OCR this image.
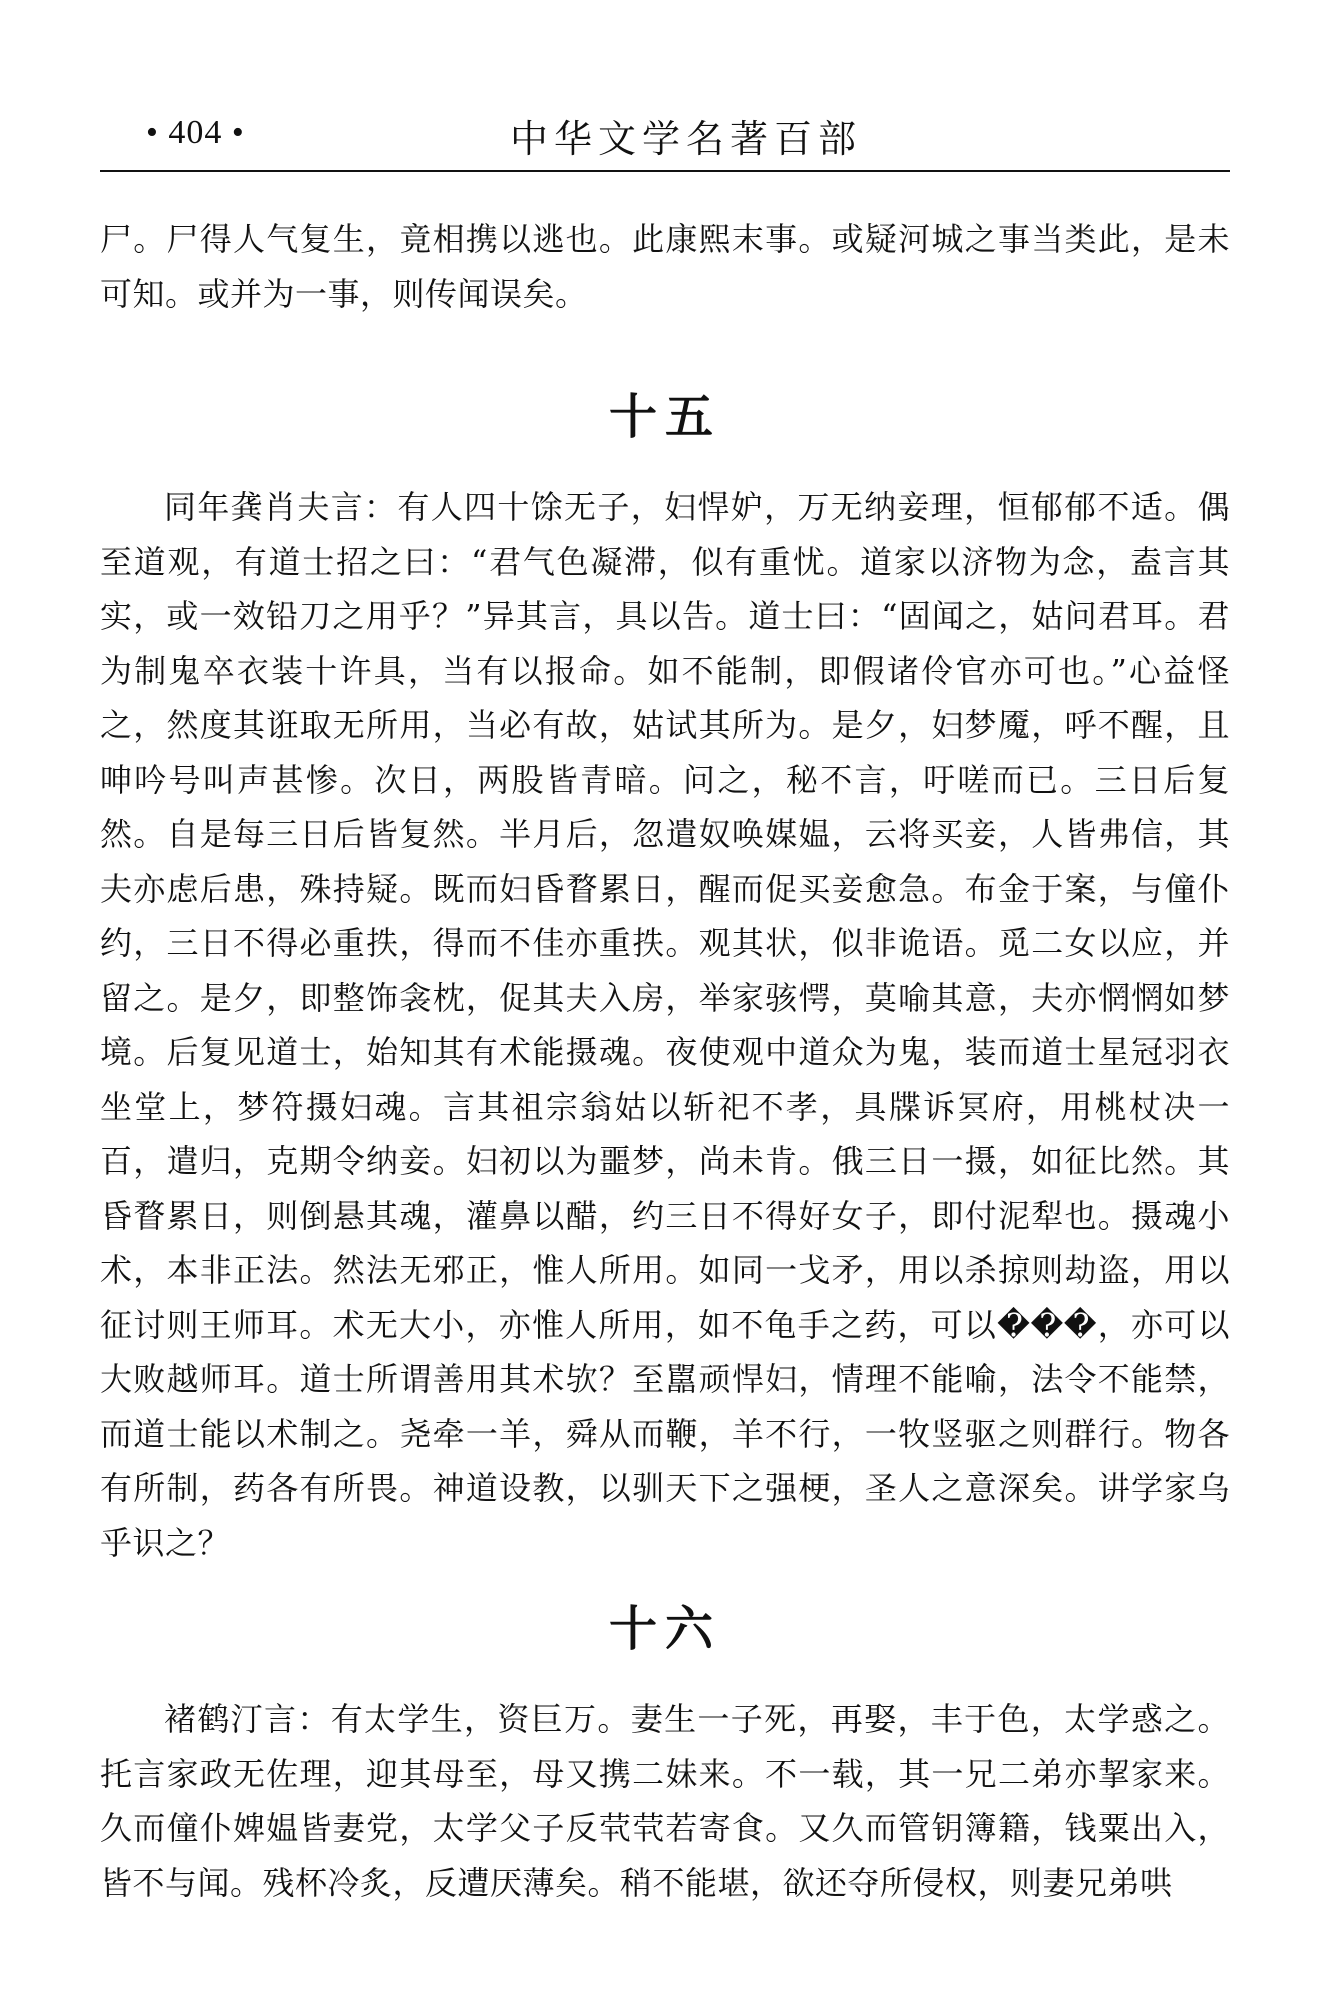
• 404 •	中华文学名著百部

尸。尸得人气复生，竟相携以逃也。此康熙末事。或疑河城之事当类此，是未可知。或并为一事，则传闻误矣。

十五

同年龚肖夫言：有人四十馀无子，妇悍妒，万无纳妾理，恒郁郁不适。偶至道观，有道士招之曰：“君气色凝滞，似有重忧。道家以济物为念，盍言其实，或一效铅刀之用乎？”异其言，具以告。道士曰：“固闻之，姑问君耳。君为制鬼卒衣装十许具，当有以报命。如不能制，即假诸伶官亦可也。”心益怪之，然度其诳取无所用，当必有故，姑试其所为。是夕，妇梦魇，呼不醒，且呻吟号叫声甚惨。次日，两股皆青暗。问之，秘不言，吁嗟而已。三日后复然。自是每三日后皆复然。半月后，忽遣奴唤媒媪，云将买妾，人皆弗信，其夫亦虑后患，殊持疑。既而妇昏瞀累日，醒而促买妾愈急。布金于案，与僮仆约，三日不得必重抶，得而不佳亦重抶。观其状，似非诡语。觅二女以应，并留之。是夕，即整饰衾枕，促其夫入房，举家骇愕，莫喻其意，夫亦惘惘如梦境。后复见道士，始知其有术能摄魂。夜使观中道众为鬼，装而道士星冠羽衣坐堂上，梦符摄妇魂。言其祖宗翁姑以斩祀不孝，具牒诉冥府，用桃杖决一百，遣归，克期令纳妾。妇初以为噩梦，尚未肯。俄三日一摄，如征比然。其昏瞀累日，则倒悬其魂，灌鼻以醋，约三日不得好女子，即付泥犁也。摄魂小术，本非正法。然法无邪正，惟人所用。如同一戈矛，用以杀掠则劫盗，用以征讨则王师耳。术无大小，亦惟人所用，如不龟手之药，可以���，亦可以大败越师耳。道士所谓善用其术欤？至嚚顽悍妇，情理不能喻，法令不能禁，而道士能以术制之。尧牵一羊，舜从而鞭，羊不行，一牧竖驱之则群行。物各有所制，药各有所畏。神道设教，以驯天下之强梗，圣人之意深矣。讲学家乌乎识之？

十六

褚鹤汀言：有太学生，资巨万。妻生一子死，再娶，丰于色，太学惑之。托言家政无佐理，迎其母至，母又携二妹来。不一载，其一兄二弟亦挈家来。久而僮仆婢媪皆妻党，太学父子反茕茕若寄食。又久而管钥簿籍，钱粟出入，皆不与闻。残杯冷炙，反遭厌薄矣。稍不能堪，欲还夺所侵权，则妻兄弟哄
